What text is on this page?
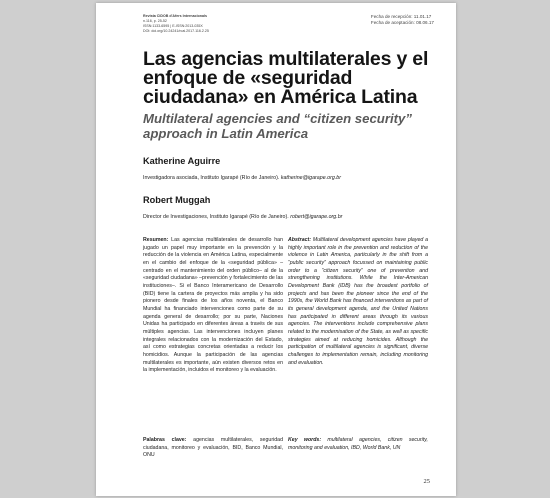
Revista CIDOB d'Afers Internacionals
n.116, p. 25-52
ISSN:1133-6595 | E-ISSN:2013-035X
DOI: doi.org/10.24241/rcai.2017.116.2.25
Fecha de recepción: 11.01.17
Fecha de aceptación: 08.06.17
Las agencias multilaterales y el enfoque de «seguridad ciudadana» en América Latina
Multilateral agencies and “citizen security” approach in Latin America
Katherine Aguirre
Investigadora asociada, Instituto Igarapé (Río de Janeiro). katherine@igarape.org.br
Robert Muggah
Director de Investigaciones, Instituto Igarapé (Río de Janeiro). robert@igarape.org.br
Resumen: Las agencias multilaterales de desarrollo han jugado un papel muy importante en la prevención y la reducción de la violencia en América Latina, especialmente en el cambio del enfoque de la «seguridad pública» –centrado en el mantenimiento del orden público– al de la «seguridad ciudadana» –prevención y fortalecimiento de las instituciones–. Si el Banco Interamericano de Desarrollo (BID) tiene la cartera de proyectos más amplia y ha sido pionero desde finales de los años noventa, el Banco Mundial ha financiado intervenciones como parte de su agenda general de desarrollo; por su parte, Naciones Unidas ha participado en diferentes áreas a través de sus múltiples agencias. Las intervenciones incluyen planes integrales relacionados con la modernización del Estado, así como estrategias concretas orientadas a reducir los homicidios. Aunque la participación de las agencias multilaterales es importante, aún existen diversos retos en la implementación, incluidos el monitoreo y la evaluación.
Abstract: Multilateral development agencies have played a highly important role in the prevention and reduction of the violence in Latin America, particularly in the shift from a “public security” approach focussed on maintaining public order to a “citizen security” one of prevention and strengthening institutions. While the Inter-American Development Bank (IDB) has the broadest portfolio of projects and has been the pioneer since the end of the 1990s, the World Bank has financed interventions as part of its general development agenda, and the United Nations has participated in different areas through its various agencies. The interventions include comprehensive plans related to the modernisation of the State, as well as specific strategies aimed at reducing homicides. Although the participation of multilateral agencies is significant, diverse challenges to implementation remain, including monitoring and evaluation.
Palabras clave: agencias multilaterales, seguridad ciudadana, monitoreo y evaluación, BID, Banco Mundial, ONU
Key words: multilateral agencies, citizen security, monitoring and evaluation, IBD, World Bank, UN
25
